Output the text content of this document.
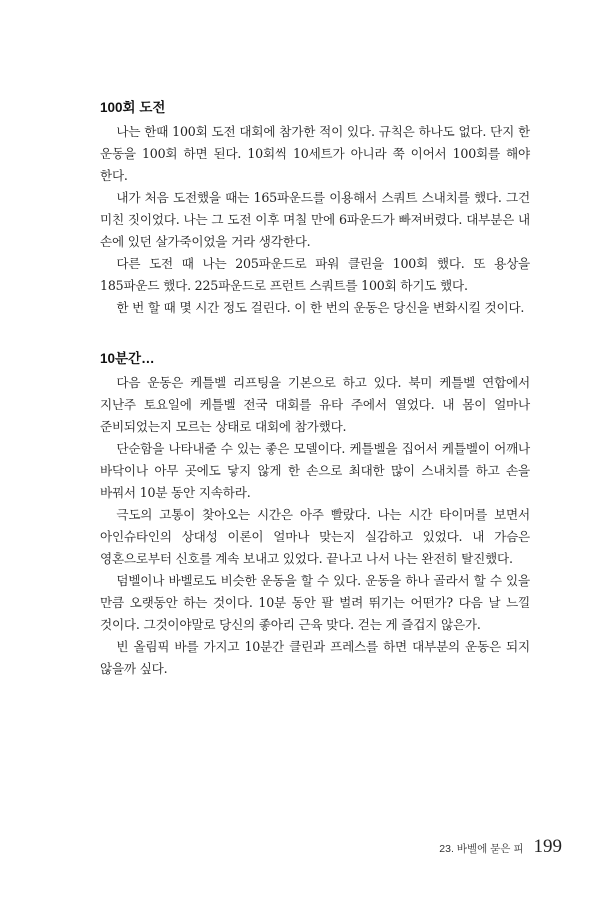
100회 도전

나는 한때 100회 도전 대회에 참가한 적이 있다. 규칙은 하나도 없다. 단지 한 운동을 100회 하면 된다. 10회씩 10세트가 아니라 쭉 이어서 100회를 해야 한다.

내가 처음 도전했을 때는 165파운드를 이용해서 스쿼트 스내치를 했다. 그건 미친 짓이었다. 나는 그 도전 이후 며칠 만에 6파운드가 빠져버렸다. 대부분은 내 손에 있던 살가죽이었을 거라 생각한다.

다른 도전 때 나는 205파운드로 파워 클린을 100회 했다. 또 용상을 185파운드 했다. 225파운드로 프런트 스쿼트를 100회 하기도 했다.

한 번 할 때 몇 시간 정도 걸린다. 이 한 번의 운동은 당신을 변화시킬 것이다.

10분간…

다음 운동은 케틀벨 리프팅을 기본으로 하고 있다. 북미 케틀벨 연합에서 지난주 토요일에 케틀벨 전국 대회를 유타 주에서 열었다. 내 몸이 얼마나 준비되었는지 모르는 상태로 대회에 참가했다.

단순함을 나타내줄 수 있는 좋은 모델이다. 케틀벨을 집어서 케틀벨이 어깨나 바닥이나 아무 곳에도 닿지 않게 한 손으로 최대한 많이 스내치를 하고 손을 바꿔서 10분 동안 지속하라.

극도의 고통이 찾아오는 시간은 아주 빨랐다. 나는 시간 타이머를 보면서 아인슈타인의 상대성 이론이 얼마나 맞는지 실감하고 있었다. 내 가슴은 영혼으로부터 신호를 계속 보내고 있었다. 끝나고 나서 나는 완전히 탈진했다.

덤벨이나 바벨로도 비슷한 운동을 할 수 있다. 운동을 하나 골라서 할 수 있을 만큼 오랫동안 하는 것이다. 10분 동안 팔 벌려 뛰기는 어떤가? 다음 날 느낄 것이다. 그것이야말로 당신의 좋아리 근육 맞다. 걷는 게 즐겁지 않은가.

빈 올림픽 바를 가지고 10분간 클린과 프레스를 하면 대부분의 운동은 되지 않을까 싶다.

23. 바벨에 묻은 피 199
